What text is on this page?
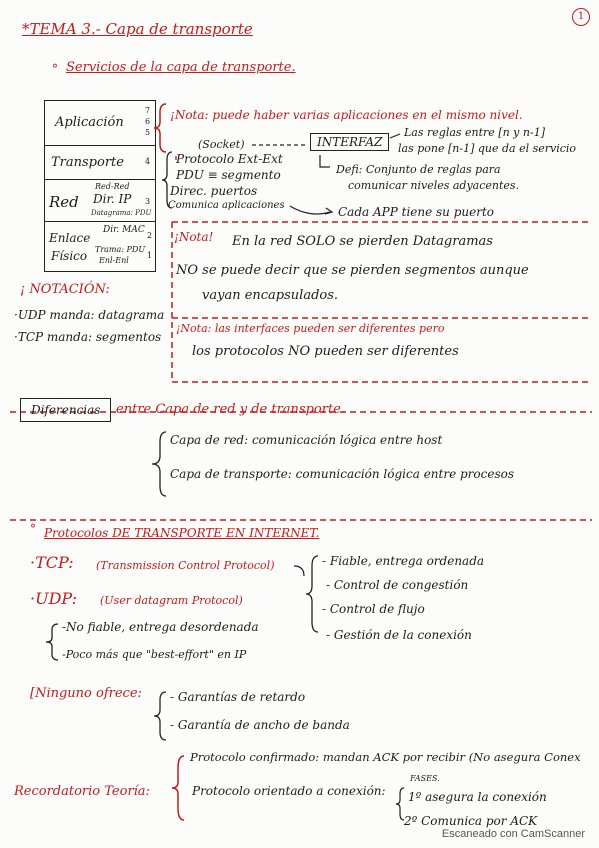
1
*TEMA 3.- Capa de transporte
° Servicios de la capa de transporte.
Aplicación
7
6
5
Transporte	4
Red-Red
Red Dir. IP 3
Datagrama: PDU
Enlace
Dir. MAC
2
Físico Trama: PDU
Enl-Enl
1
¡Nota: puede haber varias aplicaciones en el mismo nivel.
(Socket)	INTERFAZ
Las reglas entre [n y n-1]
las pone [n-1] que da el servicio
Protocolo Ext-Ext
PDU ≡ segmento
Direc. puertos
Comunica aplicaciones
Defi: Conjunto de reglas para
comunicar niveles adyacentes.
Cada APP tiene su puerto
¡Nota! En la red SOLO se pierden Datagramas
NO se puede decir que se pierden segmentos aunque
vayan encapsulados.
¡ NOTACIÓN:
·UDP manda: datagrama
·TCP manda: segmentos
¡Nota: las interfaces pueden ser diferentes pero
los protocolos NO pueden ser diferentes
Diferencias	entre Capa de red y de transporte.
Capa de red: comunicación lógica entre host
Capa de transporte: comunicación lógica entre procesos
° Protocolos DE TRANSPORTE EN INTERNET.
·TCP: (Transmission Control Protocol)
·UDP: (User datagram Protocol)
- Fiable, entrega ordenada
- Control de congestión
- Control de flujo
- Gestión de la conexión
-No fiable, entrega desordenada
-Poco más que "best-effort" en IP
[Ninguno ofrece: - Garantías de retardo
- Garantía de ancho de banda
Recordatorio Teoría:
Protocolo confirmado: mandan ACK por recibir (No asegura Conex
Protocolo orientado a conexión:
FASES.
1º asegura la conexión
2º Comunica por ACK
Escaneado con CamScanner
